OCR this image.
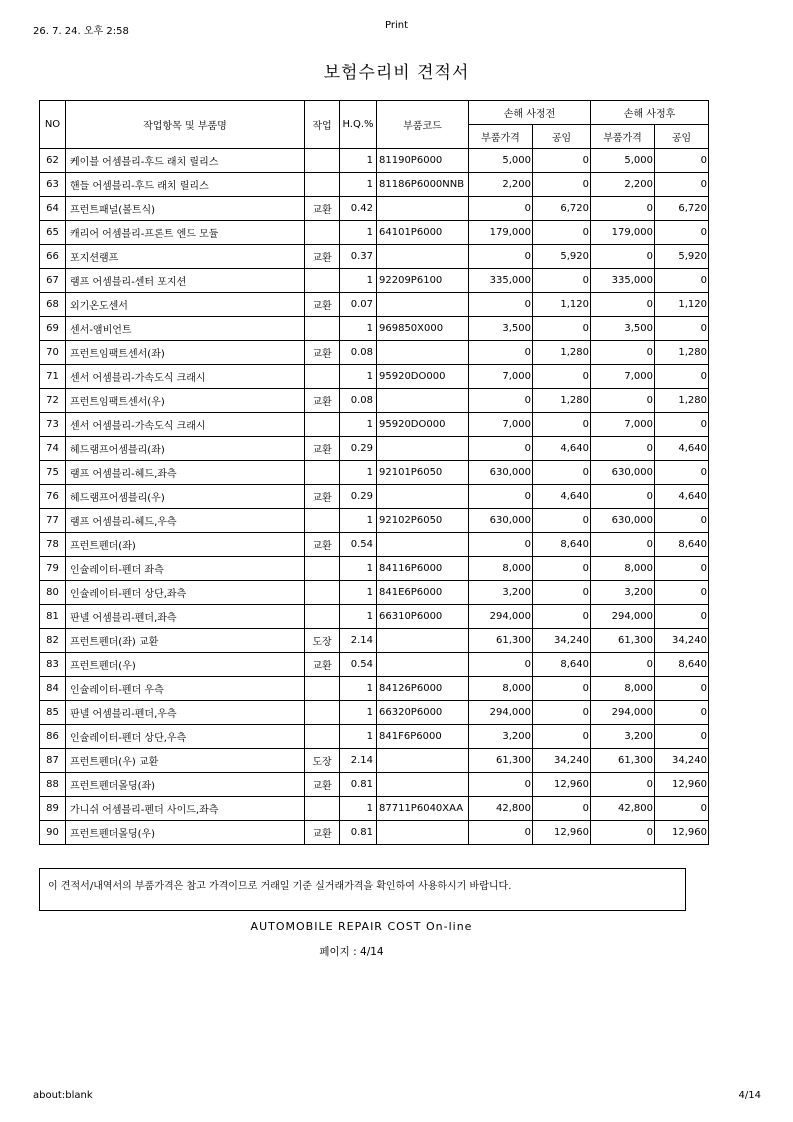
26. 7. 24. 오후 2:58
Print
보험수리비 견적서
NO	작업항목 및 부품명	작업	H.Q.%	부품코드	손해 사정전		손해 사정후	
					부품가격	공임	부품가격	공임
62	케이블 어셈블리-후드 래치 릴리스		1	81190P6000	5,000	0	5,000	0
63	핸들 어셈블리-후드 래치 릴리스		1	81186P6000NNB	2,200	0	2,200	0
64	프런트패널(볼트식)	교환	0.42		0	6,720	0	6,720
65	캐리어 어셈블리-프론트 엔드 모듈		1	64101P6000	179,000	0	179,000	0
66	포지션램프	교환	0.37		0	5,920	0	5,920
67	램프 어셈블리-센터 포지션		1	92209P6100	335,000	0	335,000	0
68	외기온도센서	교환	0.07		0	1,120	0	1,120
69	센서-앰비언트		1	969850X000	3,500	0	3,500	0
70	프런트임팩트센서(좌)	교환	0.08		0	1,280	0	1,280
71	센서 어셈블리-가속도식 크래시		1	95920DO000	7,000	0	7,000	0
72	프런트임팩트센서(우)	교환	0.08		0	1,280	0	1,280
73	센서 어셈블리-가속도식 크래시		1	95920DO000	7,000	0	7,000	0
74	헤드램프어셈블리(좌)	교환	0.29		0	4,640	0	4,640
75	램프 어셈블리-헤드,좌측		1	92101P6050	630,000	0	630,000	0
76	헤드램프어셈블리(우)	교환	0.29		0	4,640	0	4,640
77	램프 어셈블리-헤드,우측		1	92102P6050	630,000	0	630,000	0
78	프런트펜더(좌)	교환	0.54		0	8,640	0	8,640
79	인슐레이터-펜더 좌측		1	84116P6000	8,000	0	8,000	0
80	인슐레이터-펜더 상단,좌측		1	841E6P6000	3,200	0	3,200	0
81	판넬 어셈블리-펜더,좌측		1	66310P6000	294,000	0	294,000	0
82	프런트펜더(좌) 교환	도장	2.14		61,300	34,240	61,300	34,240
83	프런트펜더(우)	교환	0.54		0	8,640	0	8,640
84	인슐레이터-펜더 우측		1	84126P6000	8,000	0	8,000	0
85	판넬 어셈블리-펜더,우측		1	66320P6000	294,000	0	294,000	0
86	인슐레이터-펜더 상단,우측		1	841F6P6000	3,200	0	3,200	0
87	프런트펜더(우) 교환	도장	2.14		61,300	34,240	61,300	34,240
88	프런트펜더몰딩(좌)	교환	0.81		0	12,960	0	12,960
89	가니쉬 어셈블리-펜더 사이드,좌측		1	87711P6040XAA	42,800	0	42,800	0
90	프런트펜더몰딩(우)	교환	0.81		0	12,960	0	12,960
이 견적서/내역서의 부품가격은 참고 가격이므로 거래일 기준 실거래가격을 확인하여 사용하시기 바랍니다.
AUTOMOBILE REPAIR COST On-line
페이지 : 4/14
about:blank	4/14
